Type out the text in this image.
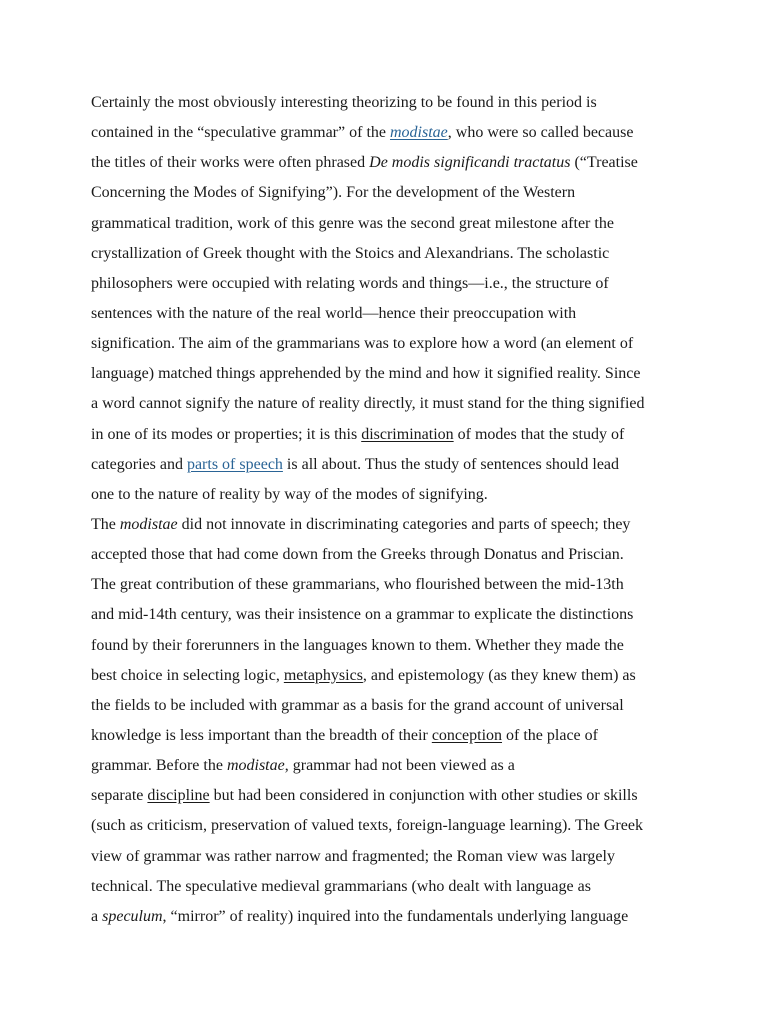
Certainly the most obviously interesting theorizing to be found in this period is
contained in the “speculative grammar” of the modistae, who were so called because
the titles of their works were often phrased De modis significandi tractatus (“Treatise
Concerning the Modes of Signifying”). For the development of the Western
grammatical tradition, work of this genre was the second great milestone after the
crystallization of Greek thought with the Stoics and Alexandrians. The scholastic
philosophers were occupied with relating words and things—i.e., the structure of
sentences with the nature of the real world—hence their preoccupation with
signification. The aim of the grammarians was to explore how a word (an element of
language) matched things apprehended by the mind and how it signified reality. Since
a word cannot signify the nature of reality directly, it must stand for the thing signified
in one of its modes or properties; it is this discrimination of modes that the study of
categories and parts of speech is all about. Thus the study of sentences should lead
one to the nature of reality by way of the modes of signifying.
The modistae did not innovate in discriminating categories and parts of speech; they
accepted those that had come down from the Greeks through Donatus and Priscian.
The great contribution of these grammarians, who flourished between the mid-13th
and mid-14th century, was their insistence on a grammar to explicate the distinctions
found by their forerunners in the languages known to them. Whether they made the
best choice in selecting logic, metaphysics, and epistemology (as they knew them) as
the fields to be included with grammar as a basis for the grand account of universal
knowledge is less important than the breadth of their conception of the place of
grammar. Before the modistae, grammar had not been viewed as a
separate discipline but had been considered in conjunction with other studies or skills
(such as criticism, preservation of valued texts, foreign-language learning). The Greek
view of grammar was rather narrow and fragmented; the Roman view was largely
technical. The speculative medieval grammarians (who dealt with language as
a speculum, “mirror” of reality) inquired into the fundamentals underlying language
